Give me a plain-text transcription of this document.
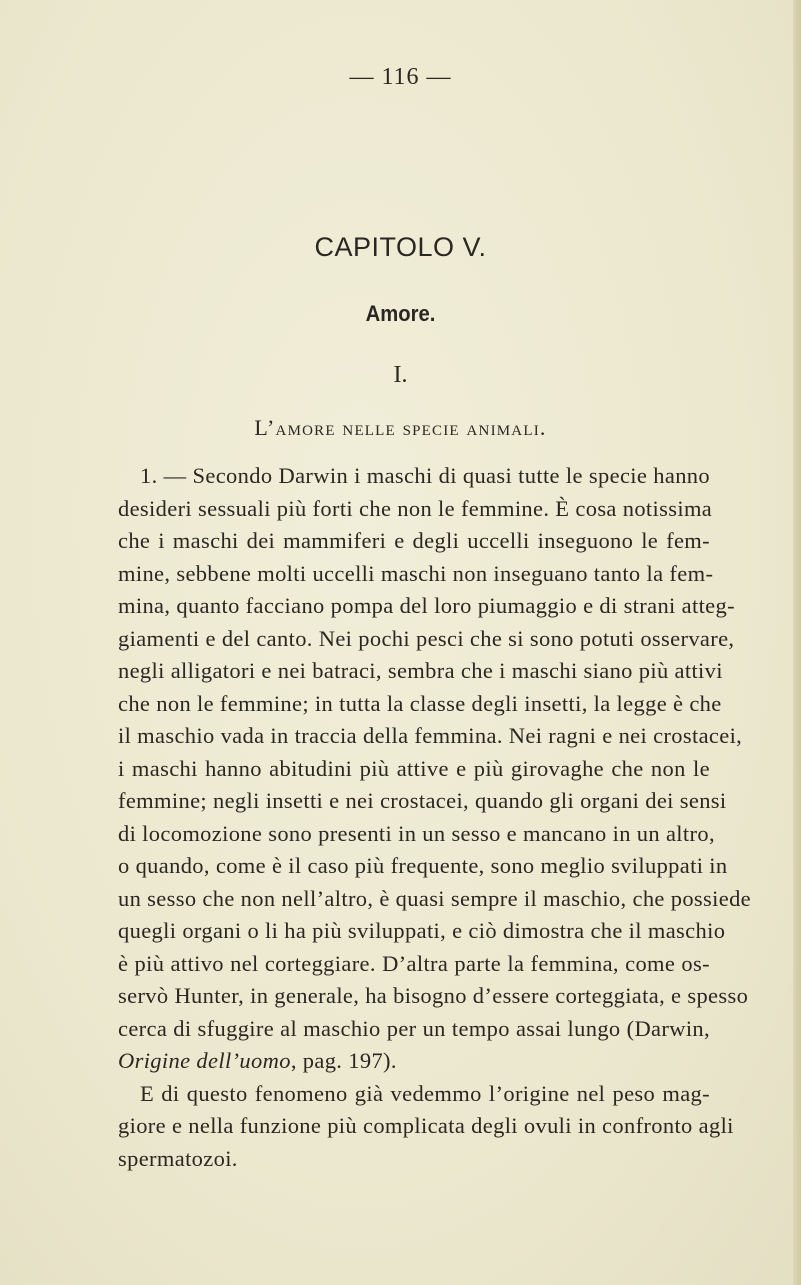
— 116 —
CAPITOLO V.
Amore.
I.
L’amore nelle specie animali.
1. — Secondo Darwin i maschi di quasi tutte le specie hanno
desideri sessuali più forti che non le femmine. È cosa notissima
che i maschi dei mammiferi e degli uccelli inseguono le fem-
mine, sebbene molti uccelli maschi non inseguano tanto la fem-
mina, quanto facciano pompa del loro piumaggio e di strani atteg-
giamenti e del canto. Nei pochi pesci che si sono potuti osservare,
negli alligatori e nei batraci, sembra che i maschi siano più attivi
che non le femmine; in tutta la classe degli insetti, la legge è che
il maschio vada in traccia della femmina. Nei ragni e nei crostacei,
i maschi hanno abitudini più attive e più girovaghe che non le
femmine; negli insetti e nei crostacei, quando gli organi dei sensi
di locomozione sono presenti in un sesso e mancano in un altro,
o quando, come è il caso più frequente, sono meglio sviluppati in
un sesso che non nell’altro, è quasi sempre il maschio, che possiede
quegli organi o li ha più sviluppati, e ciò dimostra che il maschio
è più attivo nel corteggiare. D’altra parte la femmina, come os-
servò Hunter, in generale, ha bisogno d’essere corteggiata, e spesso
cerca di sfuggire al maschio per un tempo assai lungo (Darwin,
Origine dell’uomo, pag. 197).
E di questo fenomeno già vedemmo l’origine nel peso mag-
giore e nella funzione più complicata degli ovuli in confronto agli
spermatozoi.
